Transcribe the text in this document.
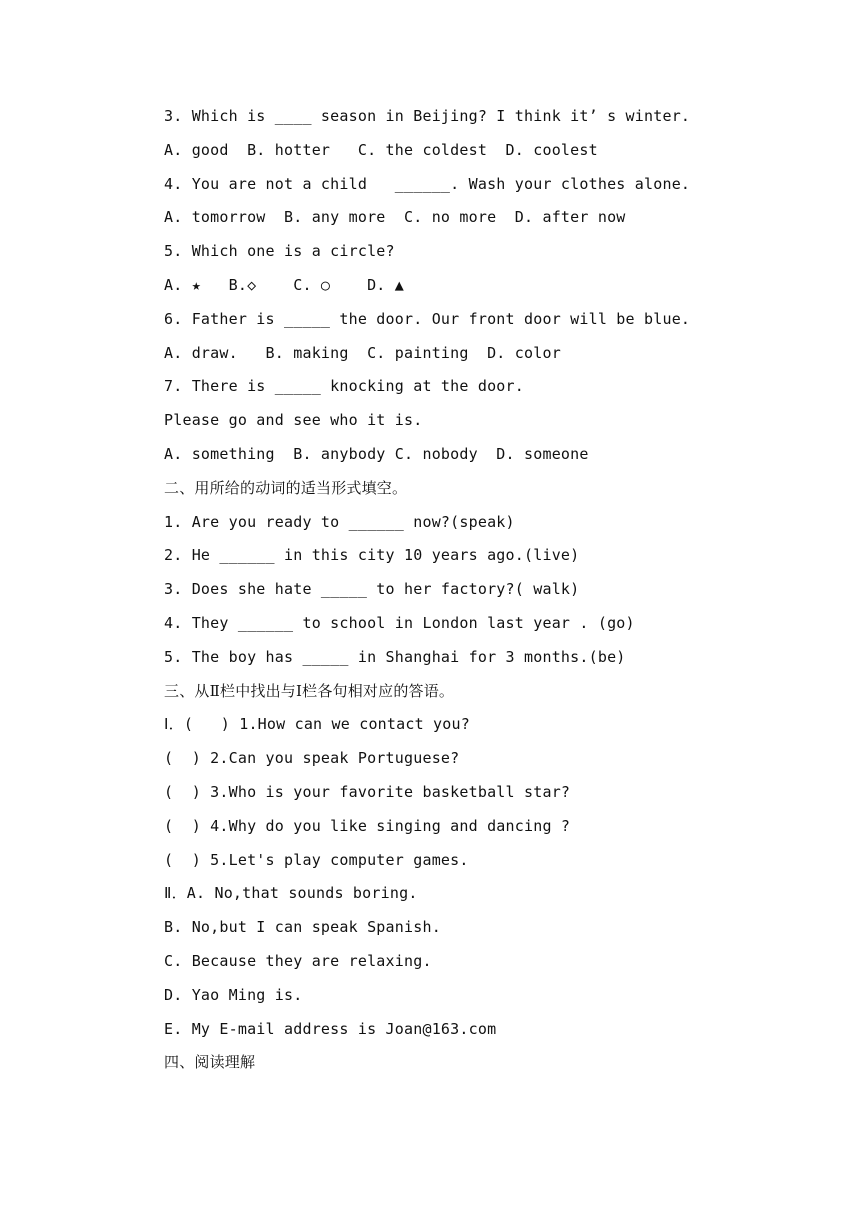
3. Which is ____ season in Beijing? I think it’ s winter.
A. good  B. hotter   C. the coldest  D. coolest
4. You are not a child   ______. Wash your clothes alone.
A. tomorrow  B. any more  C. no more  D. after now
5. Which one is a circle?
A. ★   B.◇    C. ○    D. ▲
6. Father is _____ the door. Our front door will be blue.
A. draw.   B. making  C. painting  D. color
7. There is _____ knocking at the door.
Please go and see who it is.
A. something  B. anybody C. nobody  D. someone
二、用所给的动词的适当形式填空。
1. Are you ready to ______ now?(speak)
2. He ______ in this city 10 years ago.(live)
3. Does she hate _____ to her factory?( walk)
4. They ______ to school in London last year . (go)
5. The boy has _____ in Shanghai for 3 months.(be)
三、从Ⅱ栏中找出与Ⅰ栏各句相对应的答语。
Ⅰ．(   ) 1.How can we contact you?
(  ) 2.Can you speak Portuguese?
(  ) 3.Who is your favorite basketball star?
(  ) 4.Why do you like singing and dancing ?
(  ) 5.Let's play computer games.
Ⅱ．A. No,that sounds boring.
B. No,but I can speak Spanish.
C. Because they are relaxing.
D. Yao Ming is.
E. My E-mail address is Joan@163.com
四、阅读理解
